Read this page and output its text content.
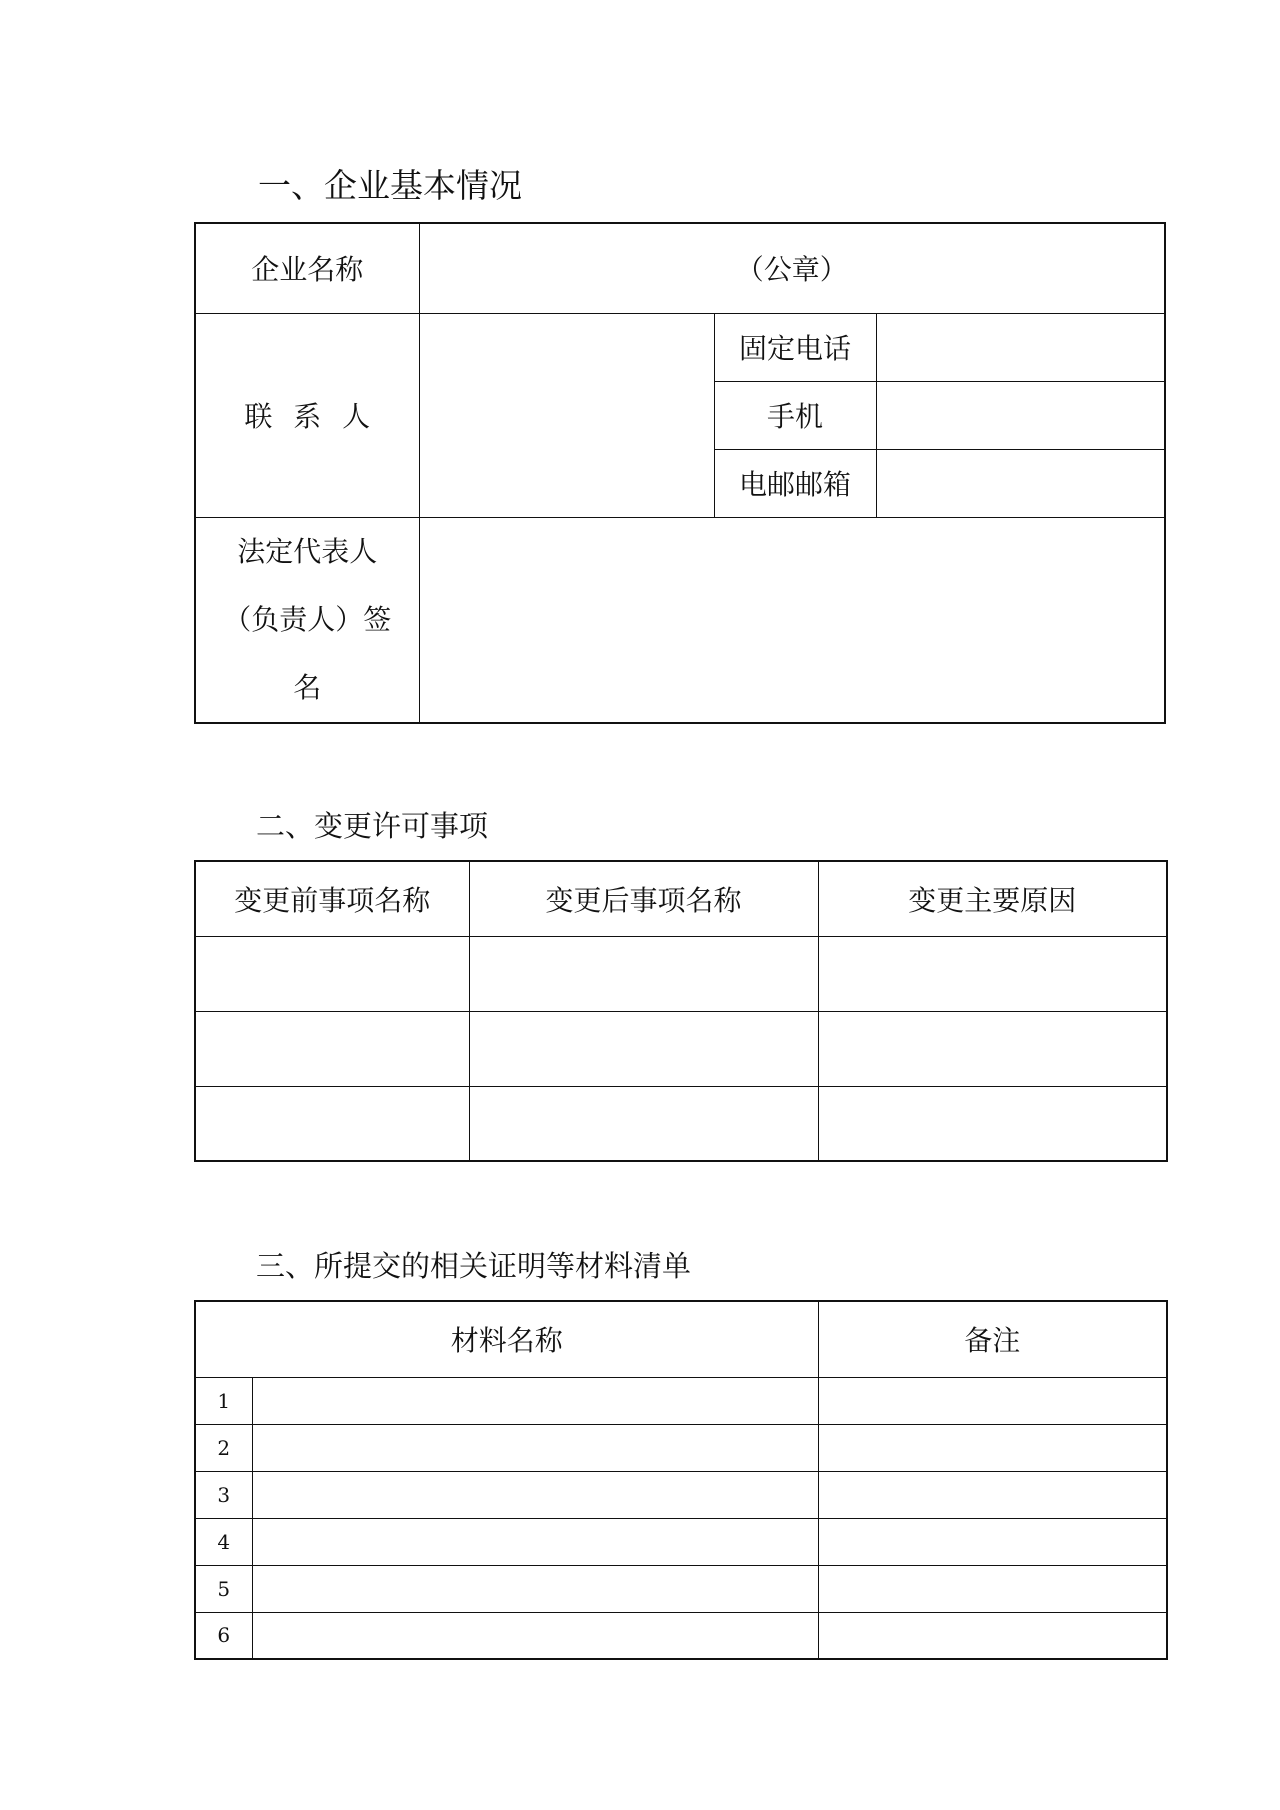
一、企业基本情况
企业名称	（公章）		
联 系 人		固定电话	
		手机	
		电邮邮箱	

法定代表人
（负责人）签
名			

二、变更许可事项
变更前事项名称	变更后事项名称	变更主要原因

三、所提交的相关证明等材料清单
材料名称		备注
1		
2		
3		
4		
5		
6		
